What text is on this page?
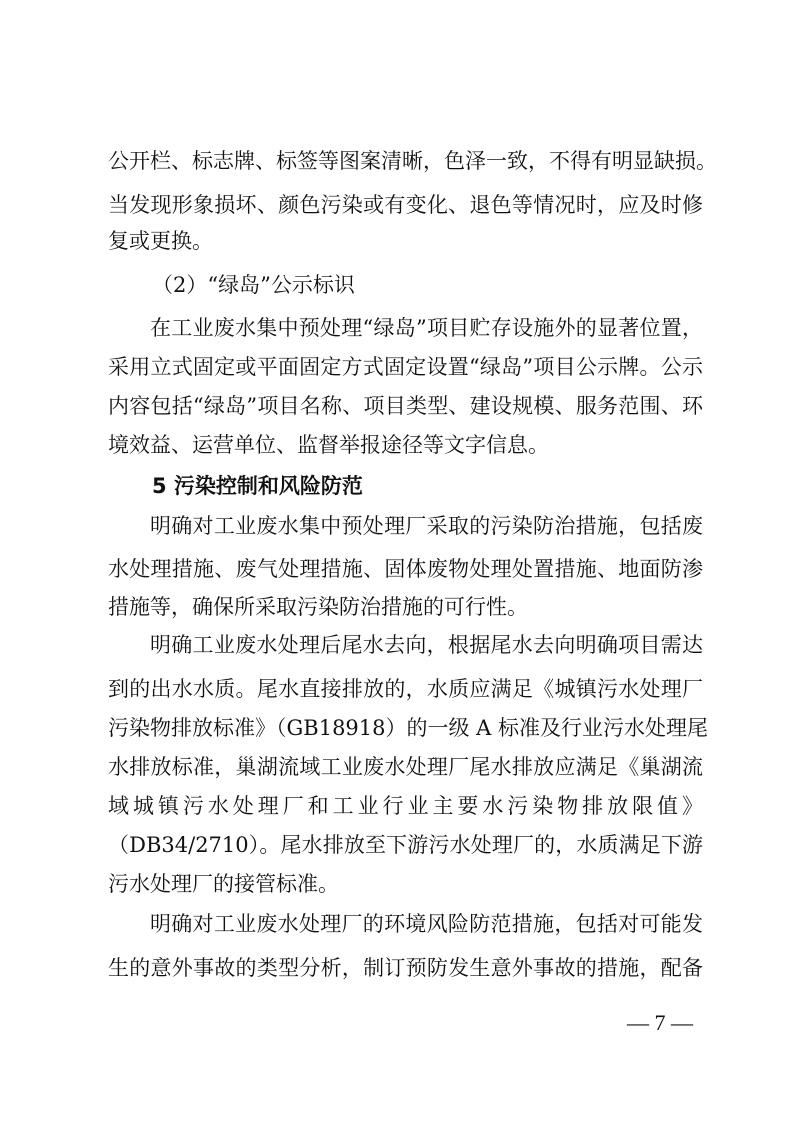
公开栏、标志牌、标签等图案清晰，色泽一致，不得有明显缺损。
当发现形象损坏、颜色污染或有变化、退色等情况时，应及时修
复或更换。
（2）“绿岛”公示标识
在工业废水集中预处理“绿岛”项目贮存设施外的显著位置，
采用立式固定或平面固定方式固定设置“绿岛”项目公示牌。公示
内容包括“绿岛”项目名称、项目类型、建设规模、服务范围、环
境效益、运营单位、监督举报途径等文字信息。
5 污染控制和风险防范
明确对工业废水集中预处理厂采取的污染防治措施，包括废
水处理措施、废气处理措施、固体废物处理处置措施、地面防渗
措施等，确保所采取污染防治措施的可行性。
明确工业废水处理后尾水去向，根据尾水去向明确项目需达
到的出水水质。尾水直接排放的，水质应满足《城镇污水处理厂
污染物排放标准》（GB18918）的一级 A 标准及行业污水处理尾
水排放标准，巢湖流域工业废水处理厂尾水排放应满足《巢湖流
域城镇污水处理厂和工业行业主要水污染物排放限值》
（DB34/2710）。尾水排放至下游污水处理厂的，水质满足下游
污水处理厂的接管标准。
明确对工业废水处理厂的环境风险防范措施，包括对可能发
生的意外事故的类型分析，制订预防发生意外事故的措施，配备
— 7 —
